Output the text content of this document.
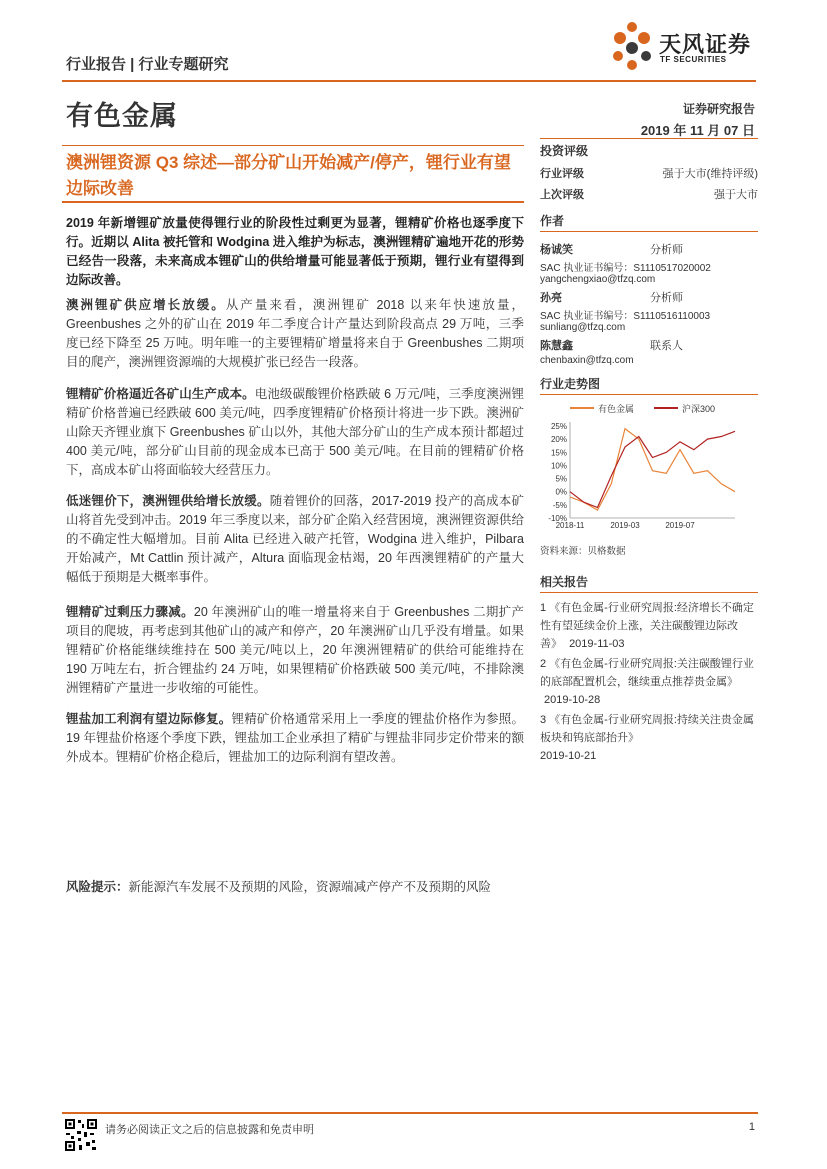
行业报告 | 行业专题研究
有色金属
天风证券
TF SECURITIES
证券研究报告
2019 年 11 月 07 日
澳洲锂资源 Q3 综述—部分矿山开始减产/停产，锂行业有望边际改善
2019 年新增锂矿放量使得锂行业的阶段性过剩更为显著，锂精矿价格也逐季度下行。近期以 Alita 被托管和 Wodgina 进入维护为标志，澳洲锂精矿遍地开花的形势已经告一段落，未来高成本锂矿山的供给增量可能显著低于预期，锂行业有望得到边际改善。
澳洲锂矿供应增长放缓。从产量来看，澳洲锂矿 2018 以来年快速放量，Greenbushes 之外的矿山在 2019 年二季度合计产量达到阶段高点 29 万吨，三季度已经下降至 25 万吨。明年唯一的主要锂精矿增量将来自于 Greenbushes 二期项目的爬产，澳洲锂资源端的大规模扩张已经告一段落。
锂精矿价格逼近各矿山生产成本。电池级碳酸锂价格跌破 6 万元/吨，三季度澳洲锂精矿价格普遍已经跌破 600 美元/吨，四季度锂精矿价格预计将进一步下跌。澳洲矿山除天齐锂业旗下 Greenbushes 矿山以外，其他大部分矿山的生产成本预计都超过 400 美元/吨，部分矿山目前的现金成本已高于 500 美元/吨。在目前的锂精矿价格下，高成本矿山将面临较大经营压力。
低迷锂价下，澳洲锂供给增长放缓。随着锂价的回落，2017-2019 投产的高成本矿山将首先受到冲击。2019 年三季度以来，部分矿企陷入经营困境，澳洲锂资源供给的不确定性大幅增加。目前 Alita 已经进入破产托管，Wodgina 进入维护，Pilbara 开始减产，Mt Cattlin 预计减产，Altura 面临现金枯竭，20 年西澳锂精矿的产量大幅低于预期是大概率事件。
锂精矿过剩压力骤减。20 年澳洲矿山的唯一增量将来自于 Greenbushes 二期扩产项目的爬坡，再考虑到其他矿山的减产和停产，20 年澳洲矿山几乎没有增量。如果锂精矿价格能继续维持在 500 美元/吨以上，20 年澳洲锂精矿的供给可能维持在 190 万吨左右，折合锂盐约 24 万吨，如果锂精矿价格跌破 500 美元/吨，不排除澳洲锂精矿产量进一步收缩的可能性。
锂盐加工利润有望边际修复。锂精矿价格通常采用上一季度的锂盐价格作为参照。19 年锂盐价格逐个季度下跌，锂盐加工企业承担了精矿与锂盐非同步定价带来的额外成本。锂精矿价格企稳后，锂盐加工的边际利润有望改善。
风险提示：新能源汽车发展不及预期的风险，资源端减产停产不及预期的风险
投资评级
行业评级	强于大市(维持评级)
上次评级	强于大市
作者
杨诚笑	分析师
SAC 执业证书编号：S1110517020002
yangchengxiao@tfzq.com
孙亮	分析师
SAC 执业证书编号：S1110516110003
sunliang@tfzq.com
陈慧鑫	联系人
chenbaxin@tfzq.com
行业走势图
有色金属	沪深300
25%
20%
15%
10%
5%
0%
-5%
-10%
2018-11	2019-03	2019-07
资料来源：贝格数据
相关报告
1 《有色金属-行业研究周报:经济增长不确定性有望延续金价上涨，关注碳酸锂边际改善》 2019-11-03
2 《有色金属-行业研究周报:关注碳酸锂行业的底部配置机会，继续重点推荐贵金属》 2019-10-28
3 《有色金属-行业研究周报:持续关注贵金属板块和钨底部抬升》
2019-10-21
请务必阅读正文之后的信息披露和免责申明	1
